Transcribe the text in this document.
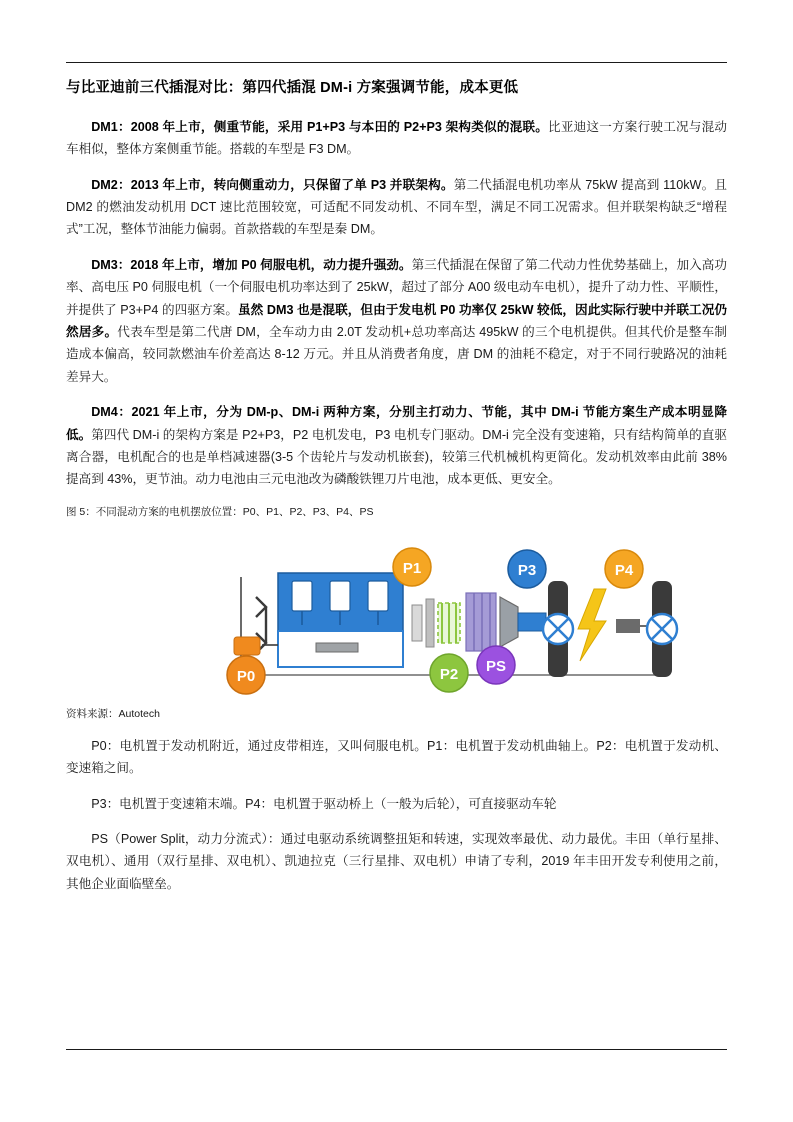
与比亚迪前三代插混对比：第四代插混 DM-i 方案强调节能，成本更低

DM1：2008 年上市，侧重节能，采用 P1+P3 与本田的 P2+P3 架构类似的混联。比亚迪这一方案行驶工况与混动车相似，整体方案侧重节能。搭载的车型是 F3 DM。

DM2：2013 年上市，转向侧重动力，只保留了单 P3 并联架构。第二代插混电机功率从 75kW 提高到 110kW。且 DM2 的燃油发动机用 DCT 速比范围较宽，可适配不同发动机、不同车型，满足不同工况需求。但并联架构缺乏“增程式”工况，整体节油能力偏弱。首款搭载的车型是秦 DM。

DM3：2018 年上市，增加 P0 伺服电机，动力提升强劲。第三代插混在保留了第二代动力性优势基础上，加入高功率、高电压 P0 伺服电机（一个伺服电机功率达到了 25kW，超过了部分 A00 级电动车电机），提升了动力性、平顺性，并提供了 P3+P4 的四驱方案。虽然 DM3 也是混联，但由于发电机 P0 功率仅 25kW 较低，因此实际行驶中并联工况仍然居多。代表车型是第二代唐 DM，全车动力由 2.0T 发动机+总功率高达 495kW 的三个电机提供。但其代价是整车制造成本偏高，较同款燃油车价差高达 8-12 万元。并且从消费者角度，唐 DM 的油耗不稳定，对于不同行驶路况的油耗差异大。

DM4：2021 年上市，分为 DM-p、DM-i 两种方案，分别主打动力、节能，其中 DM-i 节能方案生产成本明显降低。第四代 DM-i 的架构方案是 P2+P3，P2 电机发电，P3 电机专门驱动。DM-i 完全没有变速箱，只有结构简单的直驱离合器，电机配合的也是单档减速器(3-5 个齿轮片与发动机嵌套)，较第三代机械机构更简化。发动机效率由此前 38%提高到 43%，更节油。动力电池由三元电池改为磷酸铁锂刀片电池，成本更低、更安全。

图 5：不同混动方案的电机摆放位置：P0、P1、P2、P3、P4、PS
P1	P3	P4
P0	P2 PS
资料来源：Autotech

P0：电机置于发动机附近，通过皮带相连，又叫伺服电机。P1：电机置于发动机曲轴上。P2：电机置于发动机、变速箱之间。

P3：电机置于变速箱末端。P4：电机置于驱动桥上（一般为后轮），可直接驱动车轮

PS（Power Split，动力分流式）：通过电驱动系统调整扭矩和转速，实现效率最优、动力最优。丰田（单行星排、双电机）、通用（双行星排、双电机）、凯迪拉克（三行星排、双电机）申请了专利，2019 年丰田开发专利使用之前，其他企业面临壁垒。
